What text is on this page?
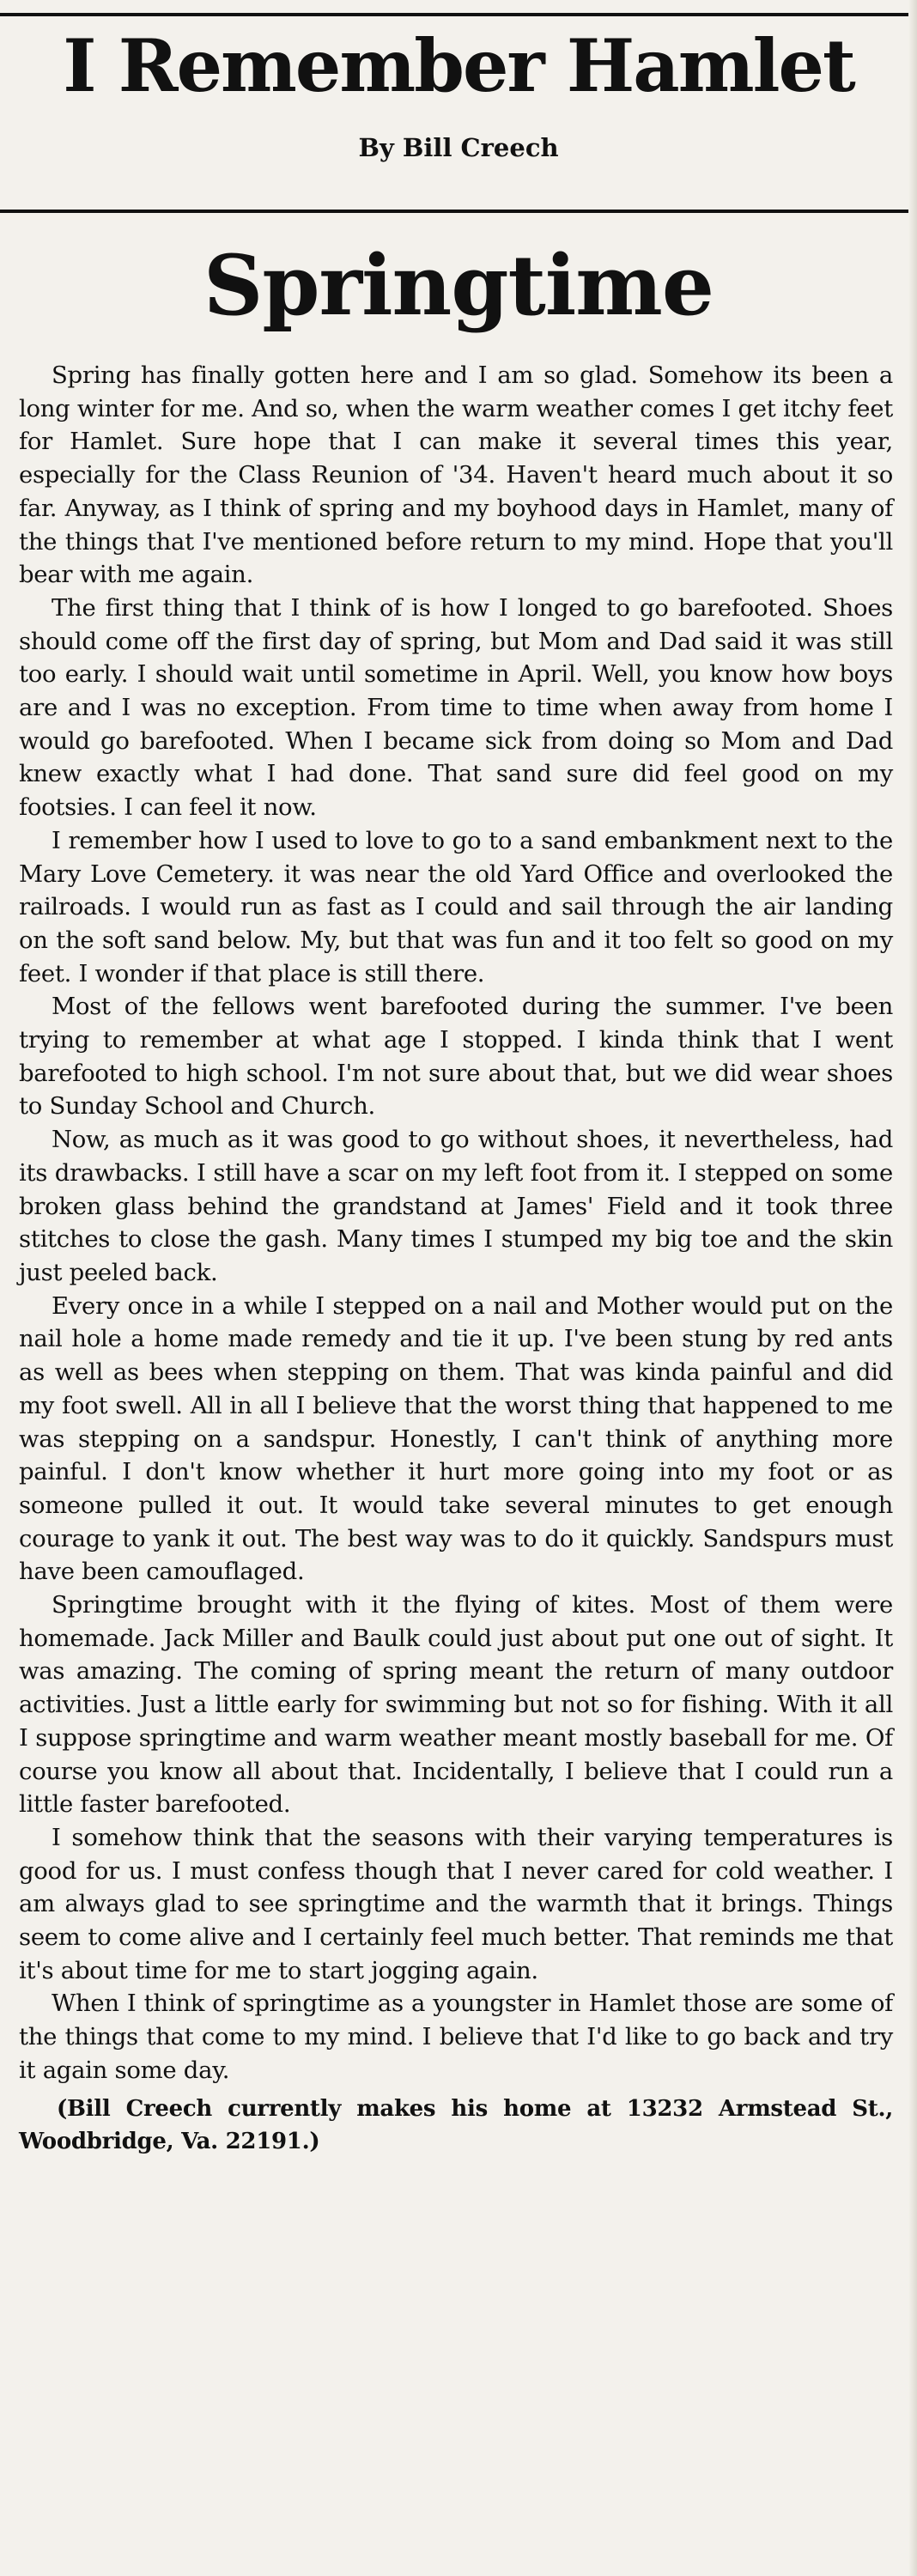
I Remember Hamlet
By Bill Creech
Springtime

Spring has finally gotten here and I am so glad. Somehow its been a long winter for me. And so, when the warm weather comes I get itchy feet for Hamlet. Sure hope that I can make it several times this year, especially for the Class Reunion of '34. Haven't heard much about it so far. Anyway, as I think of spring and my boyhood days in Hamlet, many of the things that I've mentioned before return to my mind. Hope that you'll bear with me again.

The first thing that I think of is how I longed to go barefooted. Shoes should come off the first day of spring, but Mom and Dad said it was still too early. I should wait until sometime in April. Well, you know how boys are and I was no exception. From time to time when away from home I would go barefooted. When I became sick from doing so Mom and Dad knew exactly what I had done. That sand sure did feel good on my footsies. I can feel it now.

I remember how I used to love to go to a sand embankment next to the Mary Love Cemetery. it was near the old Yard Office and overlooked the railroads. I would run as fast as I could and sail through the air landing on the soft sand below. My, but that was fun and it too felt so good on my feet. I wonder if that place is still there.

Most of the fellows went barefooted during the summer. I've been trying to remember at what age I stopped. I kinda think that I went barefooted to high school. I'm not sure about that, but we did wear shoes to Sunday School and Church.

Now, as much as it was good to go without shoes, it nevertheless, had its drawbacks. I still have a scar on my left foot from it. I stepped on some broken glass behind the grandstand at James' Field and it took three stitches to close the gash. Many times I stumped my big toe and the skin just peeled back.

Every once in a while I stepped on a nail and Mother would put on the nail hole a home made remedy and tie it up. I've been stung by red ants as well as bees when stepping on them. That was kinda painful and did my foot swell. All in all I believe that the worst thing that happened to me was stepping on a sandspur. Honestly, I can't think of anything more painful. I don't know whether it hurt more going into my foot or as someone pulled it out. It would take several minutes to get enough courage to yank it out. The best way was to do it quickly. Sandspurs must have been camouflaged.

Springtime brought with it the flying of kites. Most of them were homemade. Jack Miller and Baulk could just about put one out of sight. It was amazing. The coming of spring meant the return of many outdoor activities. Just a little early for swimming but not so for fishing. With it all I suppose springtime and warm weather meant mostly baseball for me. Of course you know all about that. Incidentally, I believe that I could run a little faster barefooted.

I somehow think that the seasons with their varying temperatures is good for us. I must confess though that I never cared for cold weather. I am always glad to see springtime and the warmth that it brings. Things seem to come alive and I certainly feel much better. That reminds me that it's about time for me to start jogging again.

When I think of springtime as a youngster in Hamlet those are some of the things that come to my mind. I believe that I'd like to go back and try it again some day.

(Bill Creech currently makes his home at 13232 Armstead St., Woodbridge, Va. 22191.)
